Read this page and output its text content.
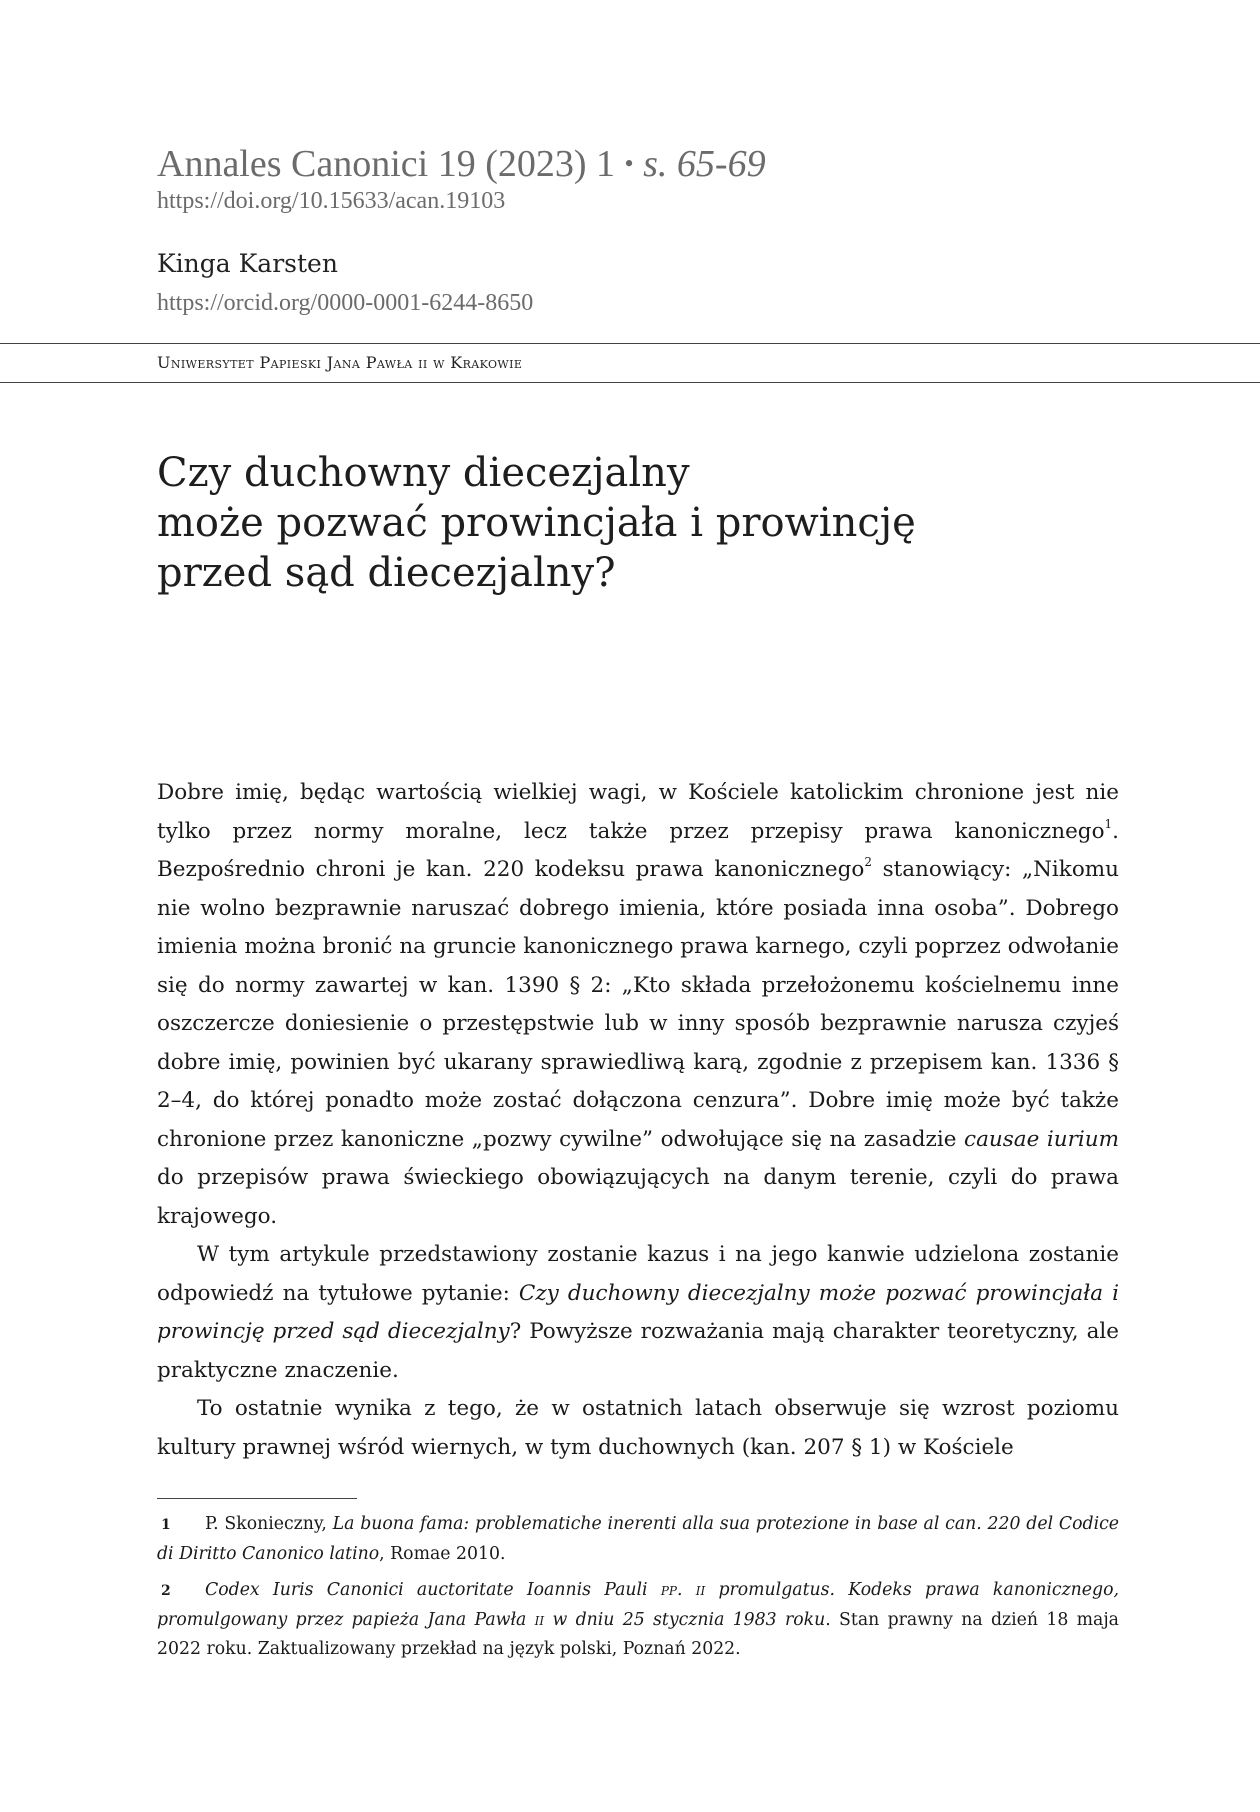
Annales Canonici 19 (2023) 1 • s. 65-69
https://doi.org/10.15633/acan.19103
Kinga Karsten
https://orcid.org/0000-0001-6244-8650
Uniwersytet Papieski Jana Pawła ii w Krakowie
Czy duchowny diecezjalny
może pozwać prowincjała i prowincję
przed sąd diecezjalny?

Dobre imię, będąc wartością wielkiej wagi, w Kościele katolickim chronione jest nie tylko przez normy moralne, lecz także przez przepisy prawa kanonicznego$^1$. Bezpośrednio chroni je kan. 220 kodeksu prawa kanonicznego$^2$ stanowiący: „Nikomu nie wolno bezprawnie naruszać dobrego imienia, które posiada inna osoba”. Dobrego imienia można bronić na gruncie kanonicznego prawa karnego, czyli poprzez odwołanie się do normy zawartej w kan. 1390 § 2: „Kto składa przełożonemu kościelnemu inne oszczercze doniesienie o przestępstwie lub w inny sposób bezprawnie narusza czyjeś dobre imię, powinien być ukarany sprawiedliwą karą, zgodnie z przepisem kan. 1336 § 2–4, do której ponadto może zostać dołączona cenzura”. Dobre imię może być także chronione przez kanoniczne „pozwy cywilne” odwołujące się na zasadzie causae iurium do przepisów prawa świeckiego obowiązujących na danym terenie, czyli do prawa krajowego.

W tym artykule przedstawiony zostanie kazus i na jego kanwie udzielona zostanie odpowiedź na tytułowe pytanie: Czy duchowny diecezjalny może pozwać prowincjała i prowincję przed sąd diecezjalny? Powyższe rozważania mają charakter teoretyczny, ale praktyczne znaczenie.

To ostatnie wynika z tego, że w ostatnich latach obserwuje się wzrost poziomu kultury prawnej wśród wiernych, w tym duchownych (kan. 207 § 1) w Kościele

1 P. Skonieczny, La buona fama: problematiche inerenti alla sua protezione in base al can. 220 del Codice di Diritto Canonico latino, Romae 2010.
2 Codex Iuris Canonici auctoritate Ioannis Pauli pp. ii promulgatus. Kodeks prawa kanonicznego, promulgowany przez papieża Jana Pawła ii w dniu 25 stycznia 1983 roku. Stan prawny na dzień 18 maja 2022 roku. Zaktualizowany przekład na język polski, Poznań 2022.
